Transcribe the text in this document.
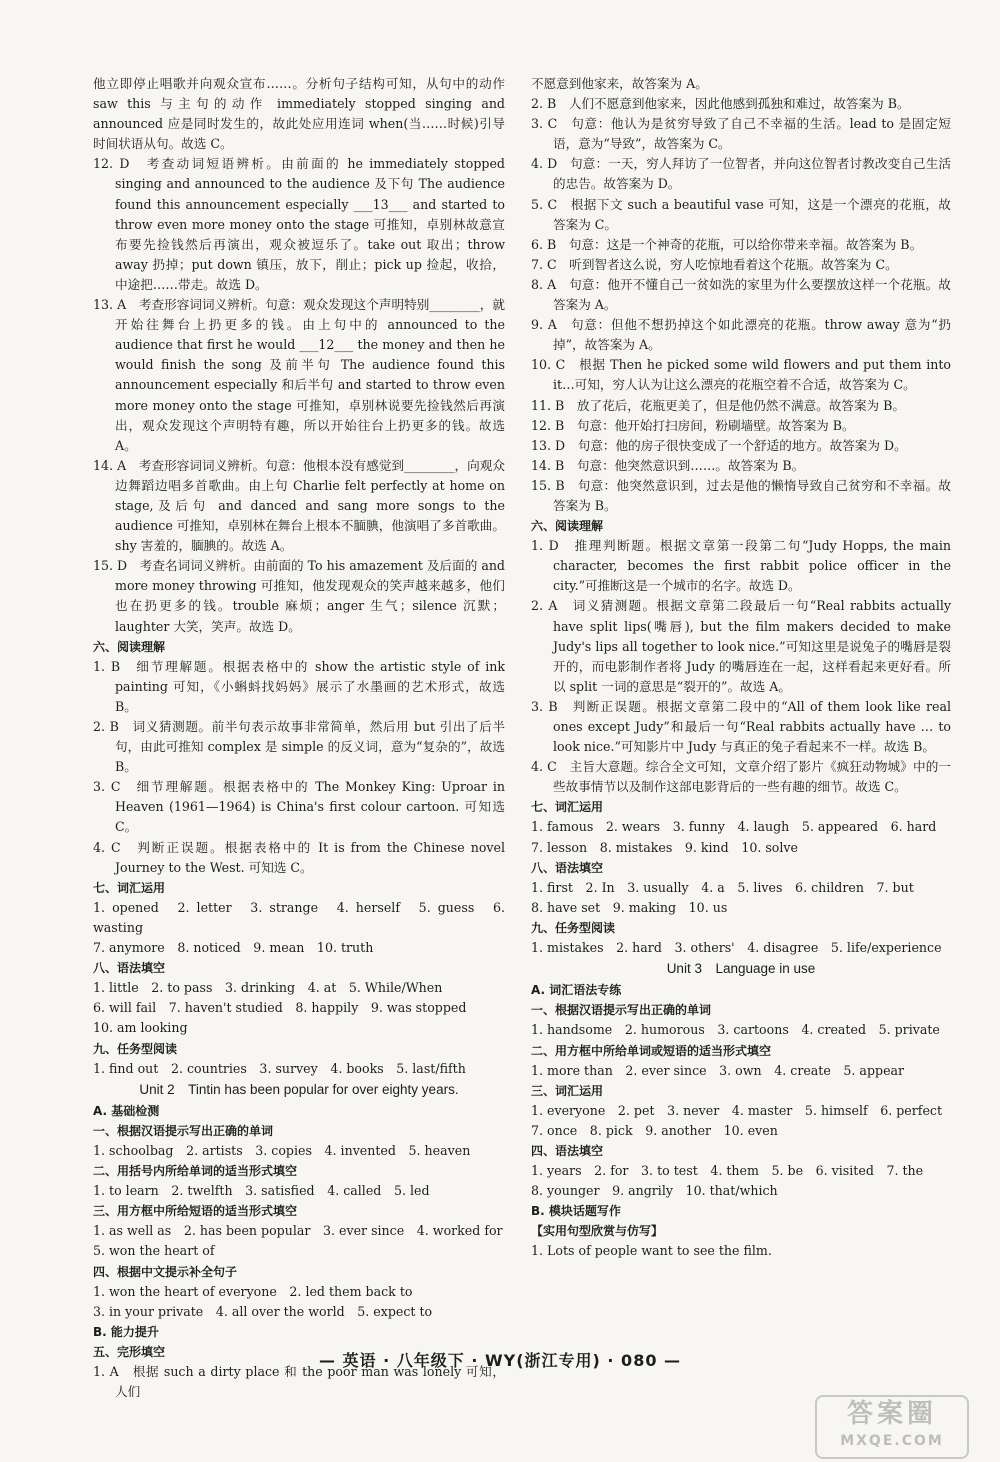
他立即停止唱歌并向观众宣布……。分析句子结构可知，从句中的动作 saw this 与主句的动作 immediately stopped singing and announced 应是同时发生的，故此处应用连词 when(当……时候)引导时间状语从句。故选 C。

12. D　考查动词短语辨析。由前面的 he immediately stopped singing and announced to the audience 及下句 The audience found this announcement especially ___13___ and started to throw even more money onto the stage 可推知，卓别林故意宣布要先捡钱然后再演出，观众被逗乐了。take out 取出；throw away 扔掉；put down 镇压，放下，削止；pick up 捡起，收拾，中途把……带走。故选 D。

13. A　考查形容词词义辨析。句意：观众发现这个声明特别________，就开始往舞台上扔更多的钱。由上句中的 announced to the audience that first he would ___12___ the money and then he would finish the song 及前半句 The audience found this announcement especially 和后半句 and started to throw even more money onto the stage 可推知，卓别林说要先捡钱然后再演出，观众发现这个声明特有趣，所以开始往台上扔更多的钱。故选 A。

14. A　考查形容词词义辨析。句意：他根本没有感觉到________，向观众边舞蹈边唱多首歌曲。由上句 Charlie felt perfectly at home on stage,及后句 and danced and sang more songs to the audience 可推知，卓别林在舞台上根本不腼腆，他演唱了多首歌曲。shy 害羞的，腼腆的。故选 A。

15. D　考查名词词义辨析。由前面的 To his amazement 及后面的 and more money throwing 可推知，他发现观众的笑声越来越多，他们也在扔更多的钱。trouble 麻烦；anger 生气；silence 沉默；laughter 大笑，笑声。故选 D。

六、阅读理解

1. B　细节理解题。根据表格中的 show the artistic style of ink painting 可知，《小蝌蚪找妈妈》展示了水墨画的艺术形式，故选 B。

2. B　词义猜测题。前半句表示故事非常简单，然后用 but 引出了后半句，由此可推知 complex 是 simple 的反义词，意为“复杂的”，故选 B。

3. C　细节理解题。根据表格中的 The Monkey King: Uproar in Heaven (1961—1964) is China's first colour cartoon. 可知选 C。

4. C　判断正误题。根据表格中的 It is from the Chinese novel Journey to the West. 可知选 C。

七、词汇运用

1. opened　2. letter　3. strange　4. herself　5. guess　6. wasting

7. anymore　8. noticed　9. mean　10. truth

八、语法填空

1. little　2. to pass　3. drinking　4. at　5. While/When

6. will fail　7. haven't studied　8. happily　9. was stopped

10. am looking

九、任务型阅读

1. find out　2. countries　3. survey　4. books　5. last/fifth

Unit 2　Tintin has been popular for over eighty years.

A. 基础检测

一、根据汉语提示写出正确的单词

1. schoolbag　2. artists　3. copies　4. invented　5. heaven

二、用括号内所给单词的适当形式填空

1. to learn　2. twelfth　3. satisfied　4. called　5. led

三、用方框中所给短语的适当形式填空

1. as well as　2. has been popular　3. ever since　4. worked for

5. won the heart of

四、根据中文提示补全句子

1. won the heart of everyone　2. led them back to

3. in your private　4. all over the world　5. expect to

B. 能力提升

五、完形填空

1. A　根据 such a dirty place 和 the poor man was lonely 可知，人们

不愿意到他家来，故答案为 A。

2. B　人们不愿意到他家来，因此他感到孤独和难过，故答案为 B。

3. C　句意：他认为是贫穷导致了自己不幸福的生活。lead to 是固定短语，意为“导致”，故答案为 C。

4. D　句意：一天，穷人拜访了一位智者，并向这位智者讨教改变自己生活的忠告。故答案为 D。

5. C　根据下文 such a beautiful vase 可知，这是一个漂亮的花瓶，故答案为 C。

6. B　句意：这是一个神奇的花瓶，可以给你带来幸福。故答案为 B。

7. C　听到智者这么说，穷人吃惊地看着这个花瓶。故答案为 C。

8. A　句意：他开不懂自己一贫如洗的家里为什么要摆放这样一个花瓶。故答案为 A。

9. A　句意：但他不想扔掉这个如此漂亮的花瓶。throw away 意为“扔掉”，故答案为 A。

10. C　根据 Then he picked some wild flowers and put them into it…可知，穷人认为让这么漂亮的花瓶空着不合适，故答案为 C。

11. B　放了花后，花瓶更美了，但是他仍然不满意。故答案为 B。

12. B　句意：他开始打扫房间，粉刷墙壁。故答案为 B。

13. D　句意：他的房子很快变成了一个舒适的地方。故答案为 D。

14. B　句意：他突然意识到……。故答案为 B。

15. B　句意：他突然意识到，过去是他的懒惰导致自己贫穷和不幸福。故答案为 B。

六、阅读理解

1. D　推理判断题。根据文章第一段第二句“Judy Hopps, the main character, becomes the first rabbit police officer in the city.”可推断这是一个城市的名字。故选 D。

2. A　词义猜测题。根据文章第二段最后一句“Real rabbits actually have split lips(嘴唇), but the film makers decided to make Judy's lips all together to look nice.”可知这里是说兔子的嘴唇是裂开的，而电影制作者将 Judy 的嘴唇连在一起，这样看起来更好看。所以 split 一词的意思是“裂开的”。故选 A。

3. B　判断正误题。根据文章第二段中的“All of them look like real ones except Judy”和最后一句“Real rabbits actually have … to look nice.”可知影片中 Judy 与真正的兔子看起来不一样。故选 B。

4. C　主旨大意题。综合全文可知，文章介绍了影片《疯狂动物城》中的一些故事情节以及制作这部电影背后的一些有趣的细节。故选 C。

七、词汇运用

1. famous　2. wears　3. funny　4. laugh　5. appeared　6. hard

7. lesson　8. mistakes　9. kind　10. solve

八、语法填空

1. first　2. In　3. usually　4. a　5. lives　6. children　7. but

8. have set　9. making　10. us

九、任务型阅读

1. mistakes　2. hard　3. others'　4. disagree　5. life/experience

Unit 3　Language in use

A. 词汇语法专练

一、根据汉语提示写出正确的单词

1. handsome　2. humorous　3. cartoons　4. created　5. private

二、用方框中所给单词或短语的适当形式填空

1. more than　2. ever since　3. own　4. create　5. appear

三、词汇运用

1. everyone　2. pet　3. never　4. master　5. himself　6. perfect

7. once　8. pick　9. another　10. even

四、语法填空

1. years　2. for　3. to test　4. them　5. be　6. visited　7. the

8. younger　9. angrily　10. that/which

B. 模块话题写作

【实用句型欣赏与仿写】

1. Lots of people want to see the film.

— 英语 · 八年级下 · WY(浙江专用) · 080 —
答案圈
MXQE.COM
